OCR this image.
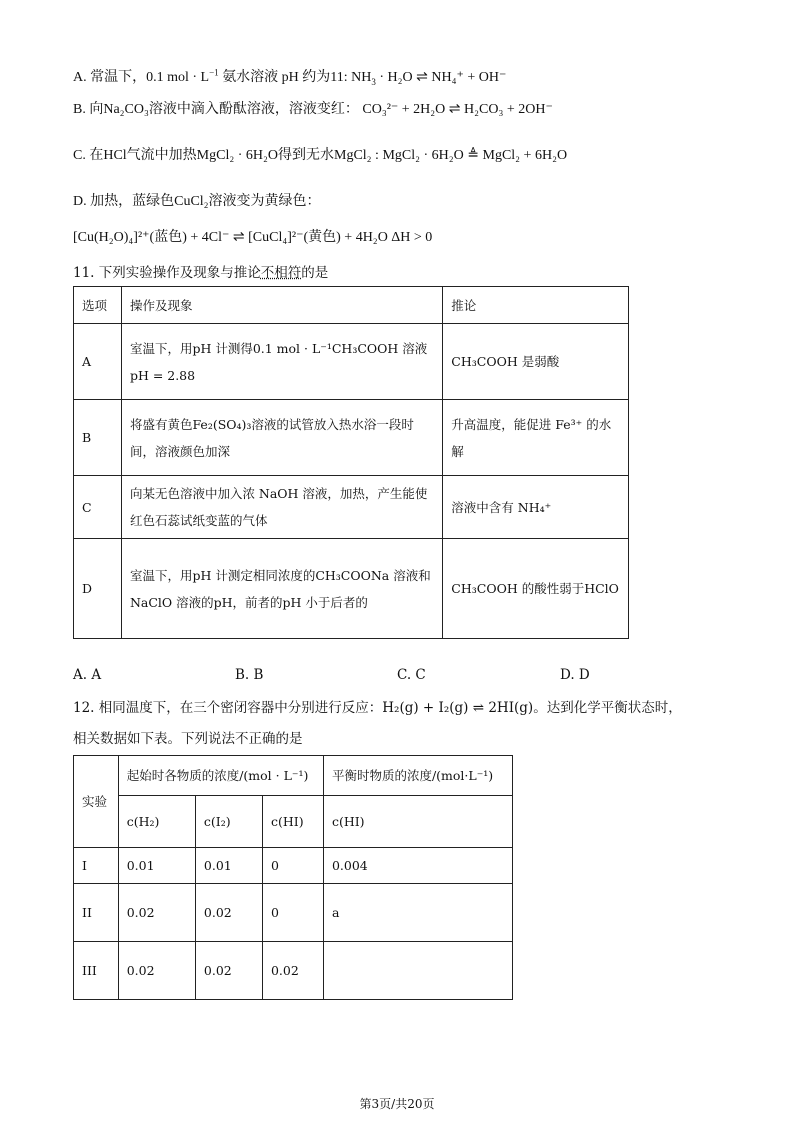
A. 常温下，0.1 mol · $L^{-1}$ 氨水溶液 pH 约为11: $NH_3 \cdot H_2O$ ⇌ NH₄⁺ + OH⁻
B. 向Na₂CO₃溶液中滴入酚酞溶液，溶液变红： CO₃²⁻ + 2H₂O ⇌ H₂CO₃ + 2OH⁻
C. 在HCl气流中加热MgCl₂ · 6H₂O得到无水MgCl₂ : MgCl₂ · 6H₂O ≜ MgCl₂ + 6H₂O
D. 加热，蓝绿色CuCl₂溶液变为黄绿色：
[Cu(H₂O)₄]²⁺(蓝色) + 4Cl⁻ ⇌ [CuCl₄]²⁻(黄色) + 4H₂O ΔH > 0
11. 下列实验操作及现象与推论不相符的是
选项	操作及现象	推论
A	室温下，用pH 计测得0.1 mol · L⁻¹CH₃COOH 溶液pH = 2.88	CH₃COOH 是弱酸
B	将盛有黄色Fe₂(SO₄)₃溶液的试管放入热水浴一段时间，溶液颜色加深	升高温度，能促进 Fe³⁺ 的水解
C	向某无色溶液中加入浓 NaOH 溶液，加热，产生能使红色石蕊试纸变蓝的气体	溶液中含有 NH₄⁺
D	室温下，用pH 计测定相同浓度的CH₃COONa 溶液和NaClO 溶液的pH，前者的pH 小于后者的	CH₃COOH 的酸性弱于HClO
A. A	B. B	C. C	D. D
12. 相同温度下，在三个密闭容器中分别进行反应：H₂(g) + I₂(g) ⇌ 2HI(g)。达到化学平衡状态时，
相关数据如下表。下列说法不正确的是
实验	起始时各物质的浓度/(mol · L⁻¹)			平衡时物质的浓度/(mol·L⁻¹)
	c(H₂)	c(I₂)	c(HI)	c(HI)
I	0.01	0.01	0	0.004
II	0.02	0.02	0	a
III	0.02	0.02	0.02	
第3页/共20页
